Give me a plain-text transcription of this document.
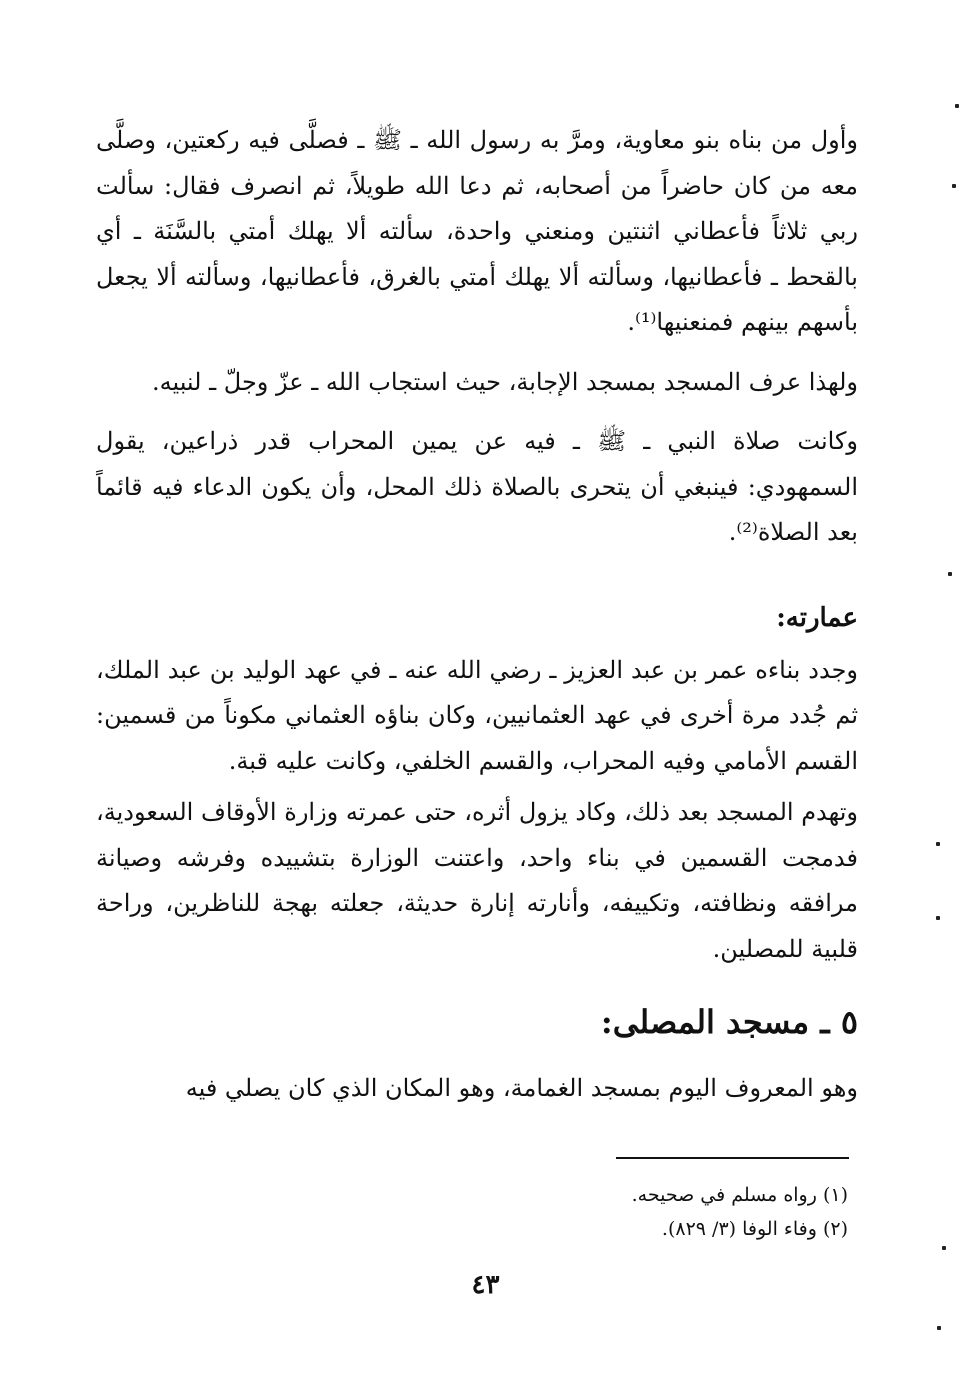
وأول من بناه بنو معاوية، ومرَّ به رسول الله ـ ﷺ ـ فصلَّى فيه ركعتين، وصلَّى معه من كان حاضراً من أصحابه، ثم دعا الله طويلاً، ثم انصرف فقال: سألت ربي ثلاثاً فأعطاني اثنتين ومنعني واحدة، سألته ألا يهلك أمتي بالسَّنَة ـ أي بالقحط ـ فأعطانيها، وسألته ألا يهلك أمتي بالغرق، فأعطانيها، وسألته ألا يجعل بأسهم بينهم فمنعنيها⁽¹⁾.

ولهذا عرف المسجد بمسجد الإجابة، حيث استجاب الله ـ عزّ وجلّ ـ لنبيه.

وكانت صلاة النبي ـ ﷺ ـ فيه عن يمين المحراب قدر ذراعين، يقول السمهودي: فينبغي أن يتحرى بالصلاة ذلك المحل، وأن يكون الدعاء فيه قائماً بعد الصلاة⁽²⁾.

عمارته:

وجدد بناءه عمر بن عبد العزيز ـ رضي الله عنه ـ في عهد الوليد بن عبد الملك، ثم جُدد مرة أخرى في عهد العثمانيين، وكان بناؤه العثماني مكوناً من قسمين: القسم الأمامي وفيه المحراب، والقسم الخلفي، وكانت عليه قبة.

وتهدم المسجد بعد ذلك، وكاد يزول أثره، حتى عمرته وزارة الأوقاف السعودية، فدمجت القسمين في بناء واحد، واعتنت الوزارة بتشييده وفرشه وصيانة مرافقه ونظافته، وتكييفه، وأنارته إنارة حديثة، جعلته بهجة للناظرين، وراحة قلبية للمصلين.

٥ ـ مسجد المصلى:

وهو المعروف اليوم بمسجد الغمامة، وهو المكان الذي كان يصلي فيه

(١) رواه مسلم في صحيحه.
(٢) وفاء الوفا (٣/ ٨٢٩).
٤٣
